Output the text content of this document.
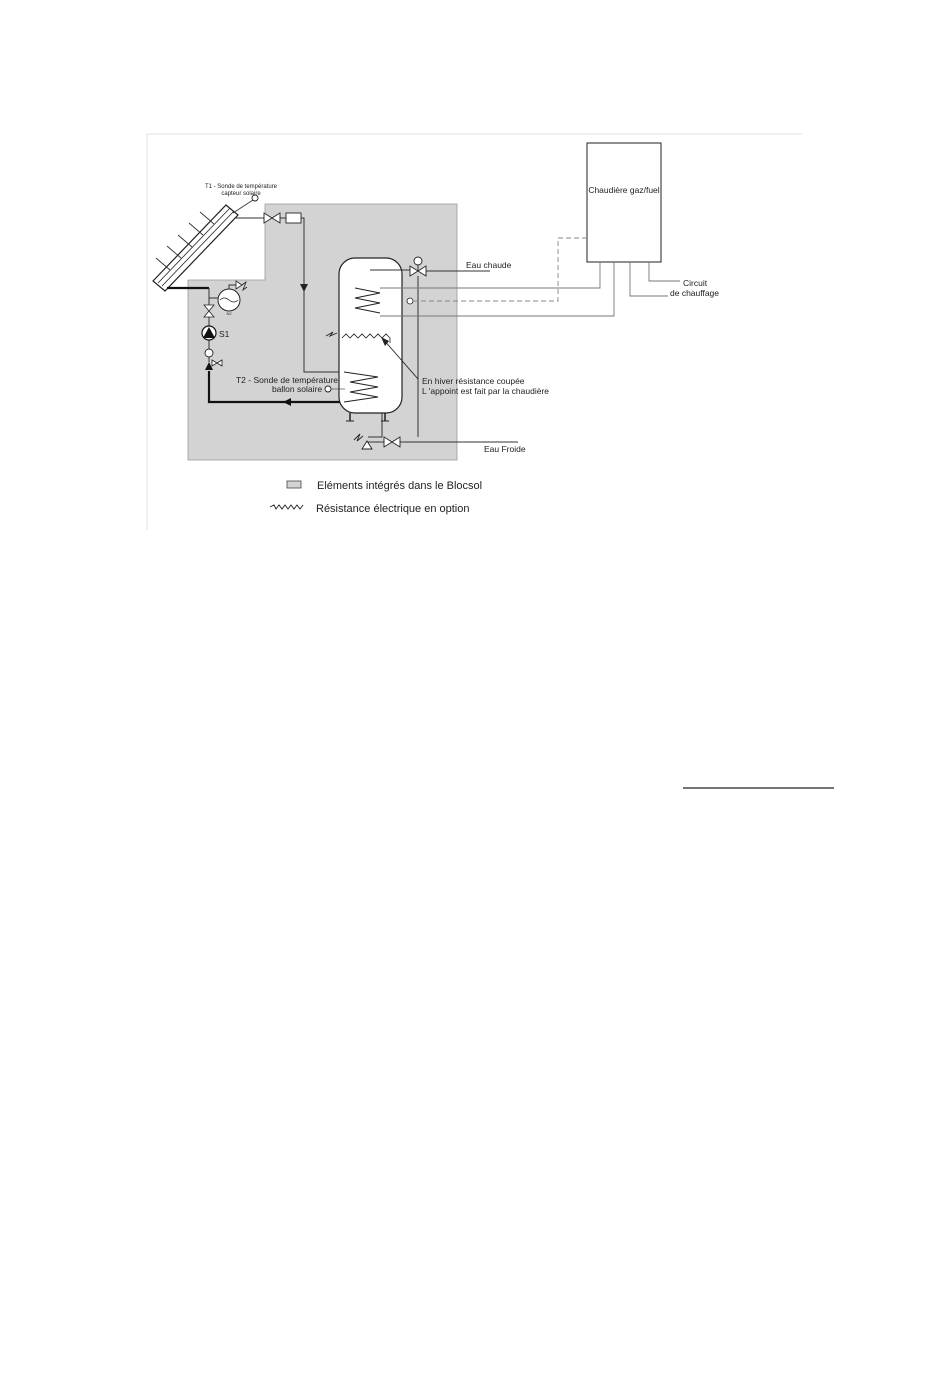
T1 - Sonde de température
capteur solaire
S1
N2
T2 - Sonde de température
ballon solaire
Eau chaude
Chaudière gaz/fuel
Circuit
de chauffage
En hiver résistance coupée
L 'appoint est fait par la chaudière
Eau Froide
Eléments intégrés dans le Blocsol
Résistance électrique en option
